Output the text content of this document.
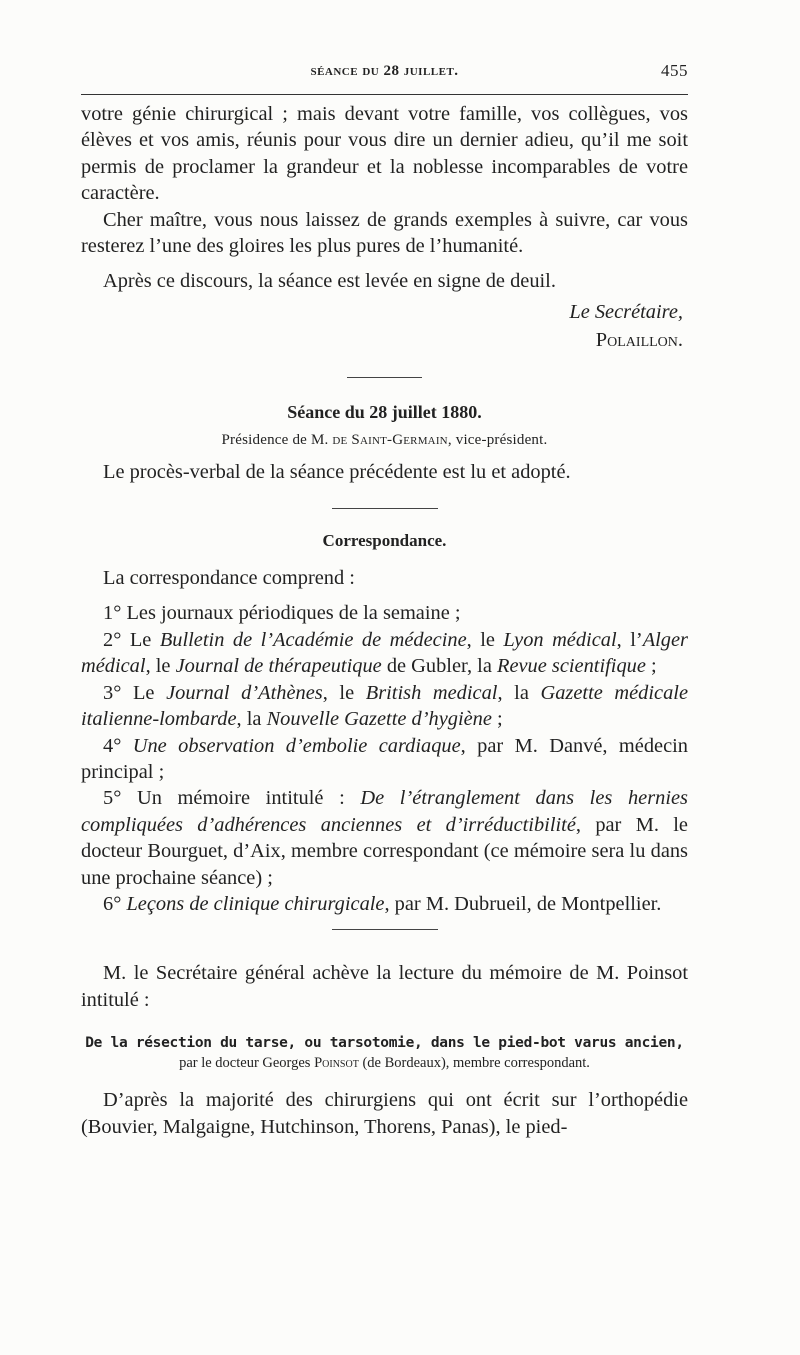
séance du 28 juillet.	455

votre génie chirurgical ; mais devant votre famille, vos collègues, vos élèves et vos amis, réunis pour vous dire un dernier adieu, qu’il me soit permis de proclamer la grandeur et la noblesse incomparables de votre caractère.

Cher maître, vous nous laissez de grands exemples à suivre, car vous resterez l’une des gloires les plus pures de l’humanité.

Après ce discours, la séance est levée en signe de deuil.

Le Secrétaire,

Polaillon.

Séance du 28 juillet 1880.
Présidence de M. de Saint-Germain, vice-président.

Le procès-verbal de la séance précédente est lu et adopté.

Correspondance.

La correspondance comprend :

1° Les journaux périodiques de la semaine ;

2° Le Bulletin de l’Académie de médecine, le Lyon médical, l’Alger médical, le Journal de thérapeutique de Gubler, la Revue scientifique ;

3° Le Journal d’Athènes, le British medical, la Gazette médicale italienne-lombarde, la Nouvelle Gazette d’hygiène ;

4° Une observation d’embolie cardiaque, par M. Danvé, médecin principal ;

5° Un mémoire intitulé : De l’étranglement dans les hernies compliquées d’adhérences anciennes et d’irréductibilité, par M. le docteur Bourguet, d’Aix, membre correspondant (ce mémoire sera lu dans une prochaine séance) ;

6° Leçons de clinique chirurgicale, par M. Dubrueil, de Montpellier.

M. le Secrétaire général achève la lecture du mémoire de M. Poinsot intitulé :

De la résection du tarse, ou tarsotomie, dans le pied-bot varus ancien,
par le docteur Georges Poinsot (de Bordeaux), membre correspondant.

D’après la majorité des chirurgiens qui ont écrit sur l’orthopédie (Bouvier, Malgaigne, Hutchinson, Thorens, Panas), le pied-
